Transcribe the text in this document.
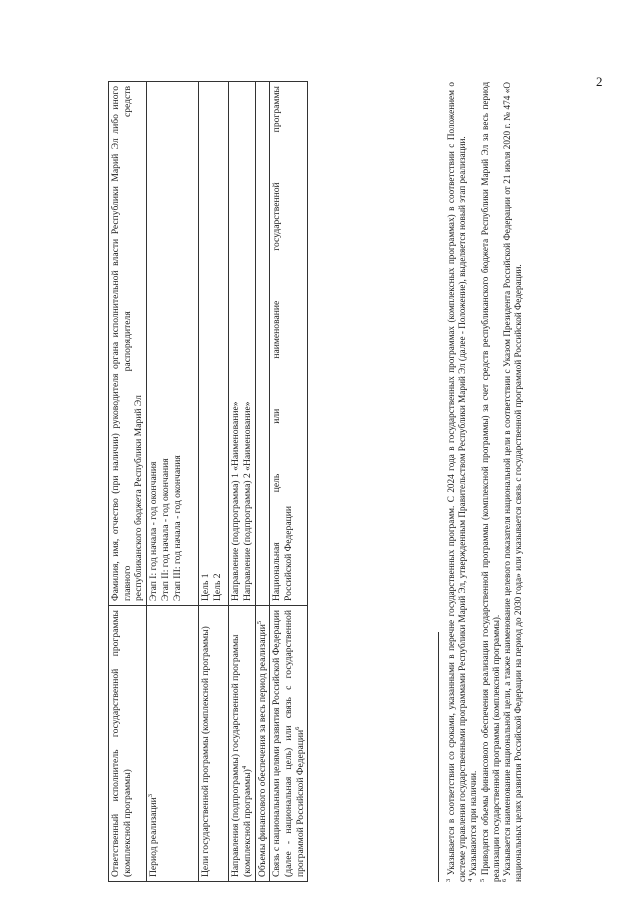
2
Ответственный исполнитель государственной программы (комплексной программы)	Фамилия, имя, отчество (при наличии) руководителя органа исполнительной власти Республики Марий Эл либо иного главного распорядителя средств республиканского бюджета Республики Марий Эл

Период реализации$^3$	Этап I: год начала - год окончания Этап II: год начала - год окончания Этап III: год начала - год окончания

Цели государственной программы (комплексной программы)	Цель 1 Цель 2

Направления (подпрограммы) государственной программы (комплексной программы)$^4$	Направление (подпрограмма) 1 «Наименование» Направление (подпрограмма) 2 «Наименование»

Объемы финансового обеспечения за весь период реализации$^5$	
Связь с национальными целями развития Российской Федерации (далее - национальная цель) или связь с государственной программой Российской Федерации$^6$	Национальная цель или наименование государственной программы Российской Федерации

$^3$ Указывается в соответствии со сроками, указанными в перечне государственных программ. С 2024 года в государственных программах (комплексных программах) в соответствии с Положением о системе управления государственными программами Республики Марий Эл, утвержденным Правительством Республики Марий Эл (далее - Положение), выделяется новый этап реализации. $^4$ Указываются при наличии.

$^5$ Приводятся объемы финансового обеспечения реализации государственной программы (комплексной программы) за счет средств республиканского бюджета Республики Марий Эл за весь период реализации государственной программы (комплексной программы). $^6$ Указывается наименование национальной цели, а также наименование целевого показателя национальной цели в соответствии с Указом Президента Российской Федерации от 21 июля 2020 г. № 474 «О национальных целях развития Российской Федерации на период до 2030 года» или указывается связь с государственной программой Российской Федерации.
